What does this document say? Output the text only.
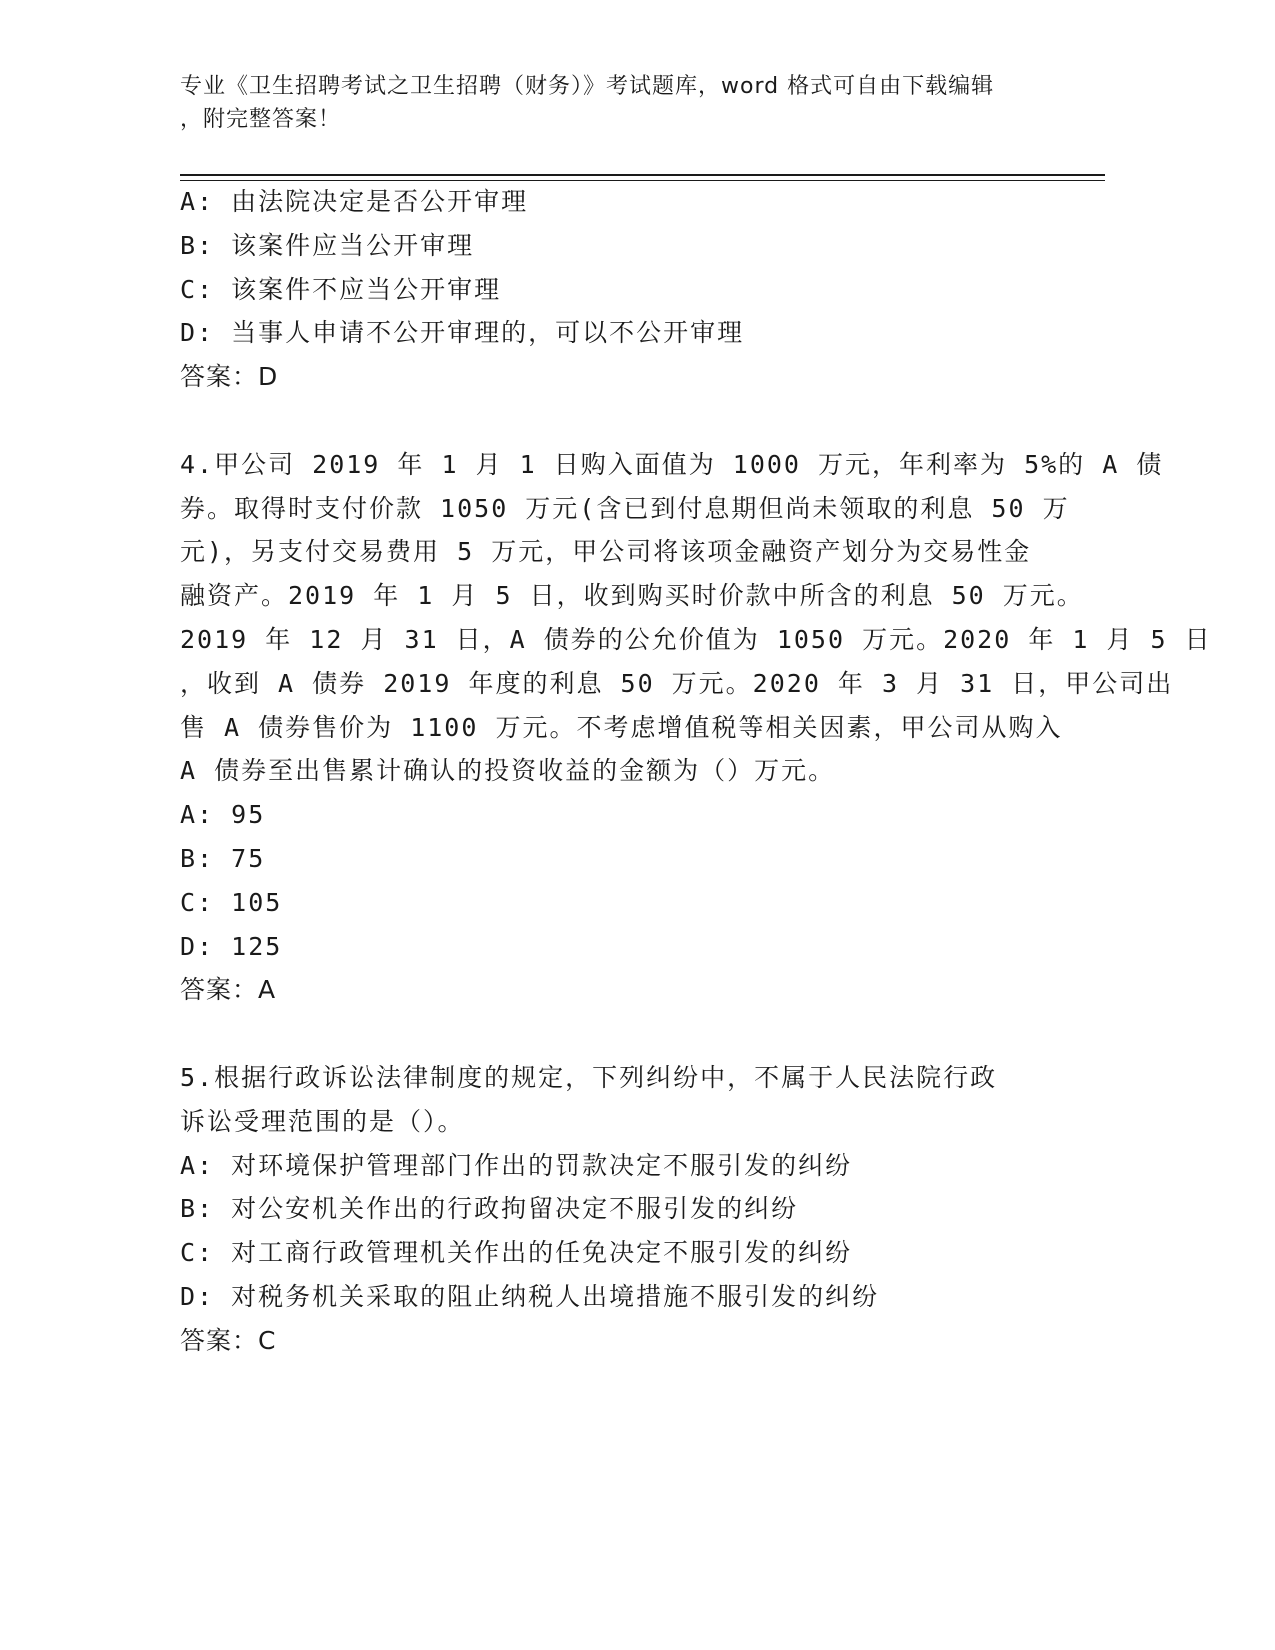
专业《卫生招聘考试之卫生招聘（财务）》考试题库，word 格式可自由下载编辑
，附完整答案！
A: 由法院决定是否公开审理
B: 该案件应当公开审理
C: 该案件不应当公开审理
D: 当事人申请不公开审理的，可以不公开审理
答案：D
4.甲公司 2019 年 1 月 1 日购入面值为 1000 万元，年利率为 5%的 A 债
券。取得时支付价款 1050 万元(含已到付息期但尚未领取的利息 50 万
元)，另支付交易费用 5 万元，甲公司将该项金融资产划分为交易性金
融资产。2019 年 1 月 5 日，收到购买时价款中所含的利息 50 万元。
2019 年 12 月 31 日，A 债券的公允价值为 1050 万元。2020 年 1 月 5 日
，收到 A 债券 2019 年度的利息 50 万元。2020 年 3 月 31 日，甲公司出
售 A 债券售价为 1100 万元。不考虑增值税等相关因素，甲公司从购入
A 债券至出售累计确认的投资收益的金额为（）万元。
A: 95
B: 75
C: 105
D: 125
答案：A
5.根据行政诉讼法律制度的规定，下列纠纷中，不属于人民法院行政
诉讼受理范围的是（）。
A: 对环境保护管理部门作出的罚款决定不服引发的纠纷
B: 对公安机关作出的行政拘留决定不服引发的纠纷
C: 对工商行政管理机关作出的任免决定不服引发的纠纷
D: 对税务机关采取的阻止纳税人出境措施不服引发的纠纷
答案：C
